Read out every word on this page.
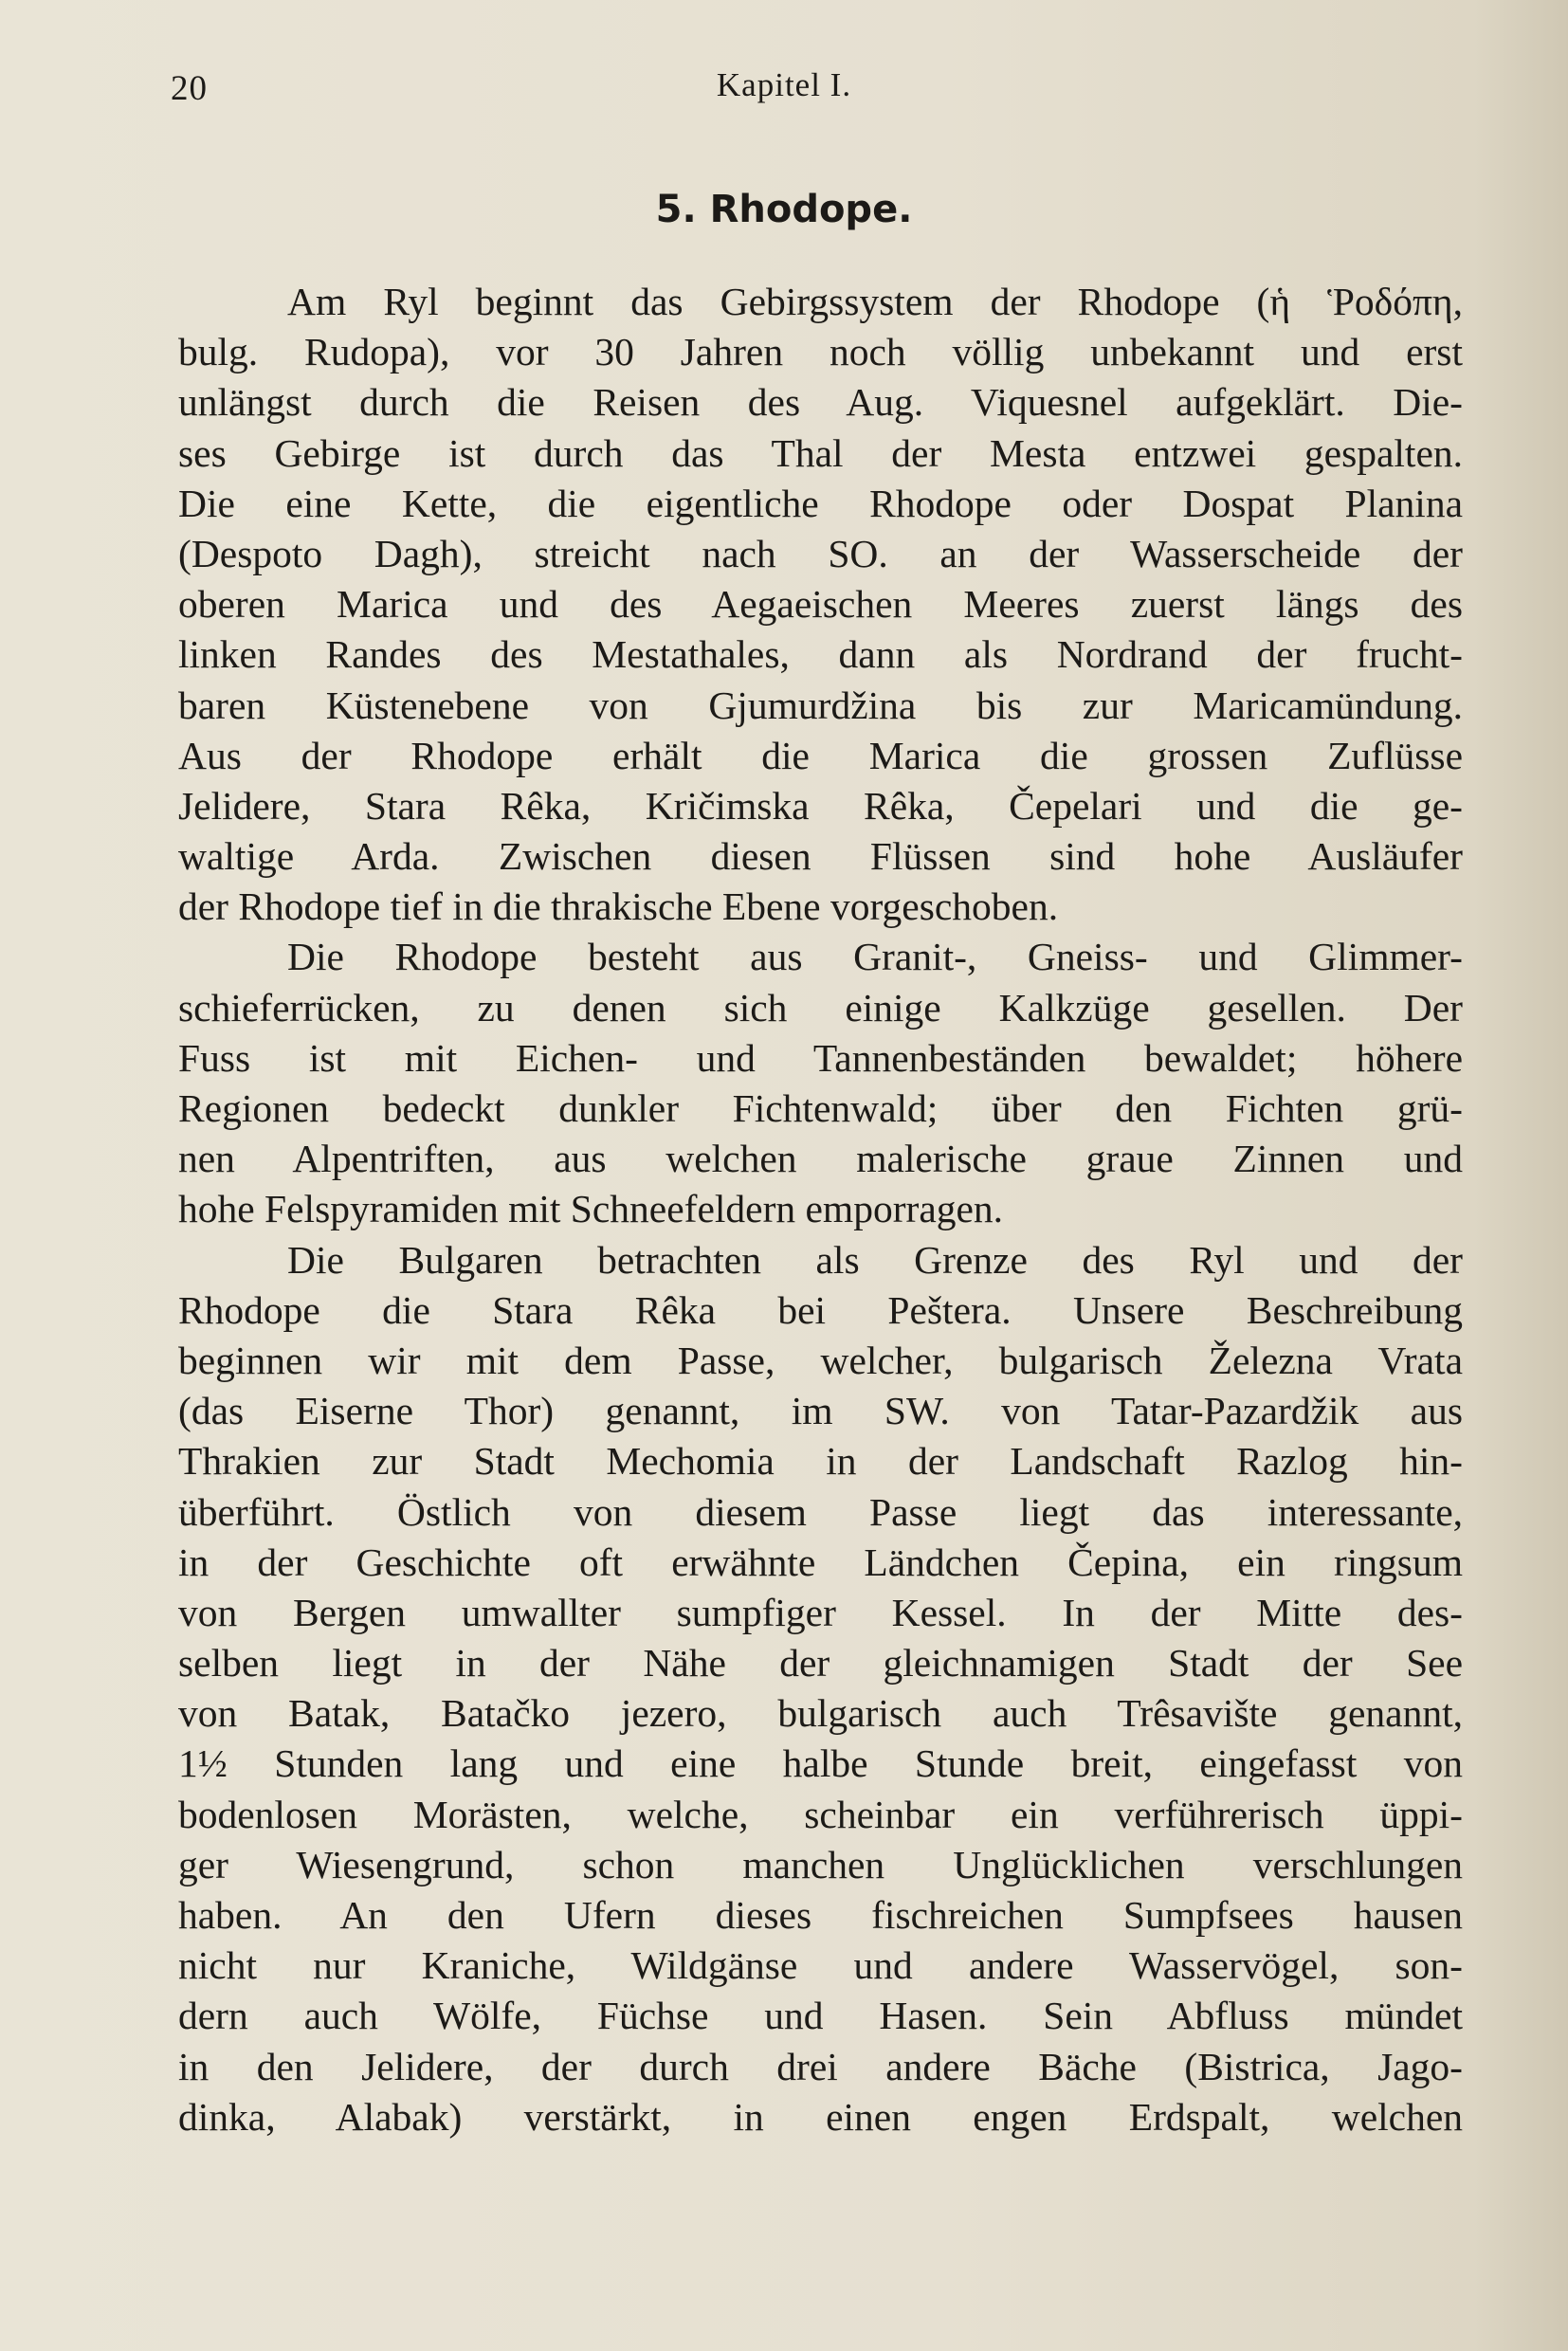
20	Kapitel I.
5. Rhodope.
Am Ryl beginnt das Gebirgssystem der Rhodope (ἡ Ῥοδόπη,
bulg. Rudopa), vor 30 Jahren noch völlig unbekannt und erst
unlängst durch die Reisen des Aug. Viquesnel aufgeklärt. Die-
ses Gebirge ist durch das Thal der Mesta entzwei gespalten.
Die eine Kette, die eigentliche Rhodope oder Dospat Planina
(Despoto Dagh), streicht nach SO. an der Wasserscheide der
oberen Marica und des Aegaeischen Meeres zuerst längs des
linken Randes des Mestathales, dann als Nordrand der frucht-
baren Küstenebene von Gjumurdžina bis zur Maricamündung.
Aus der Rhodope erhält die Marica die grossen Zuflüsse
Jelidere, Stara Rêka, Kričimska Rêka, Čepelari und die ge-
waltige Arda. Zwischen diesen Flüssen sind hohe Ausläufer
der Rhodope tief in die thrakische Ebene vorgeschoben.
Die Rhodope besteht aus Granit-, Gneiss- und Glimmer-
schieferrücken, zu denen sich einige Kalkzüge gesellen. Der
Fuss ist mit Eichen- und Tannenbeständen bewaldet; höhere
Regionen bedeckt dunkler Fichtenwald; über den Fichten grü-
nen Alpentriften, aus welchen malerische graue Zinnen und
hohe Felspyramiden mit Schneefeldern emporragen.
Die Bulgaren betrachten als Grenze des Ryl und der
Rhodope die Stara Rêka bei Peštera. Unsere Beschreibung
beginnen wir mit dem Passe, welcher, bulgarisch Železna Vrata
(das Eiserne Thor) genannt, im SW. von Tatar-Pazardžik aus
Thrakien zur Stadt Mechomia in der Landschaft Razlog hin-
überführt. Östlich von diesem Passe liegt das interessante,
in der Geschichte oft erwähnte Ländchen Čepina, ein ringsum
von Bergen umwallter sumpfiger Kessel. In der Mitte des-
selben liegt in der Nähe der gleichnamigen Stadt der See
von Batak, Batačko jezero, bulgarisch auch Trêsavište genannt,
1½ Stunden lang und eine halbe Stunde breit, eingefasst von
bodenlosen Morästen, welche, scheinbar ein verführerisch üppi-
ger Wiesengrund, schon manchen Unglücklichen verschlungen
haben. An den Ufern dieses fischreichen Sumpfsees hausen
nicht nur Kraniche, Wildgänse und andere Wasservögel, son-
dern auch Wölfe, Füchse und Hasen. Sein Abfluss mündet
in den Jelidere, der durch drei andere Bäche (Bistrica, Jago-
dinka, Alabak) verstärkt, in einen engen Erdspalt, welchen
